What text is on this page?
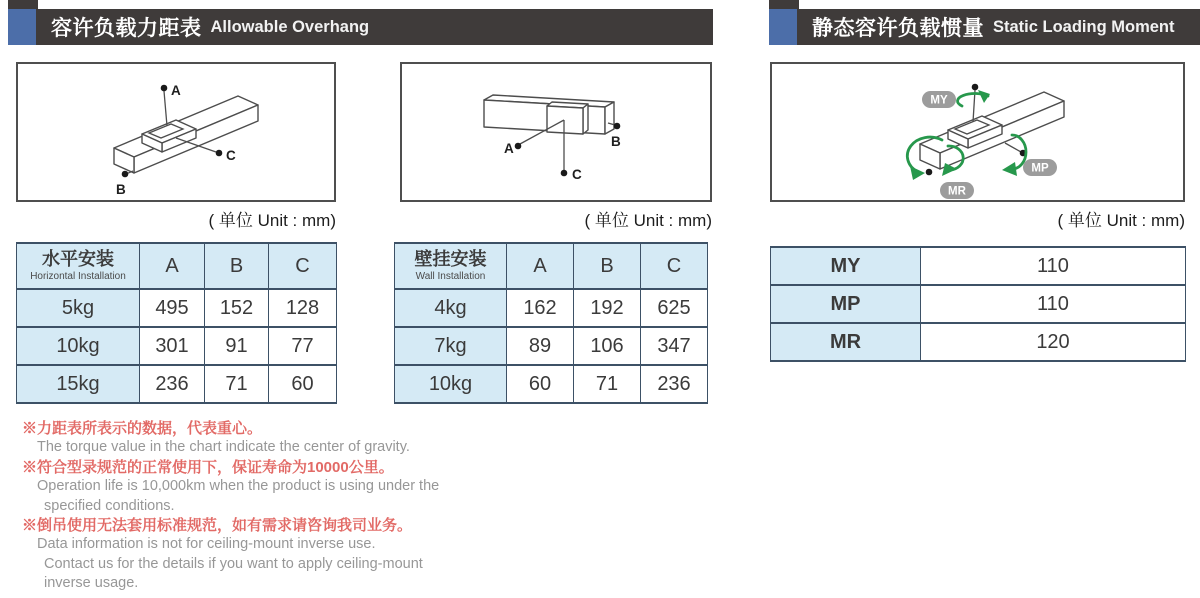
容许负载力距表 Allowable Overhang	静态容许负载惯量 Static Loading Moment
A
C
B
A	B
C
MY
MP
MR
( 单位 Unit : mm)	( 单位 Unit : mm)	( 单位 Unit : mm)
水平安装
Horizontal Installation	A	B	C
5kg	495	152	128
10kg	301	91	77
15kg	236	71	60
壁挂安装
Wall Installation	A	B	C
4kg	162	192	625
7kg	89	106	347
10kg	60	71	236
MY	110
MP	110
MR	120
※力距表所表示的数据，代表重心。
The torque value in the chart indicate the center of gravity.
※符合型录规范的正常使用下，保证寿命为10000公里。
Operation life is 10,000km when the product is using under the
specified conditions.
※倒吊使用无法套用标准规范，如有需求请咨询我司业务。
Data information is not for ceiling-mount inverse use.
Contact us for the details if you want to apply ceiling-mount
inverse usage.
